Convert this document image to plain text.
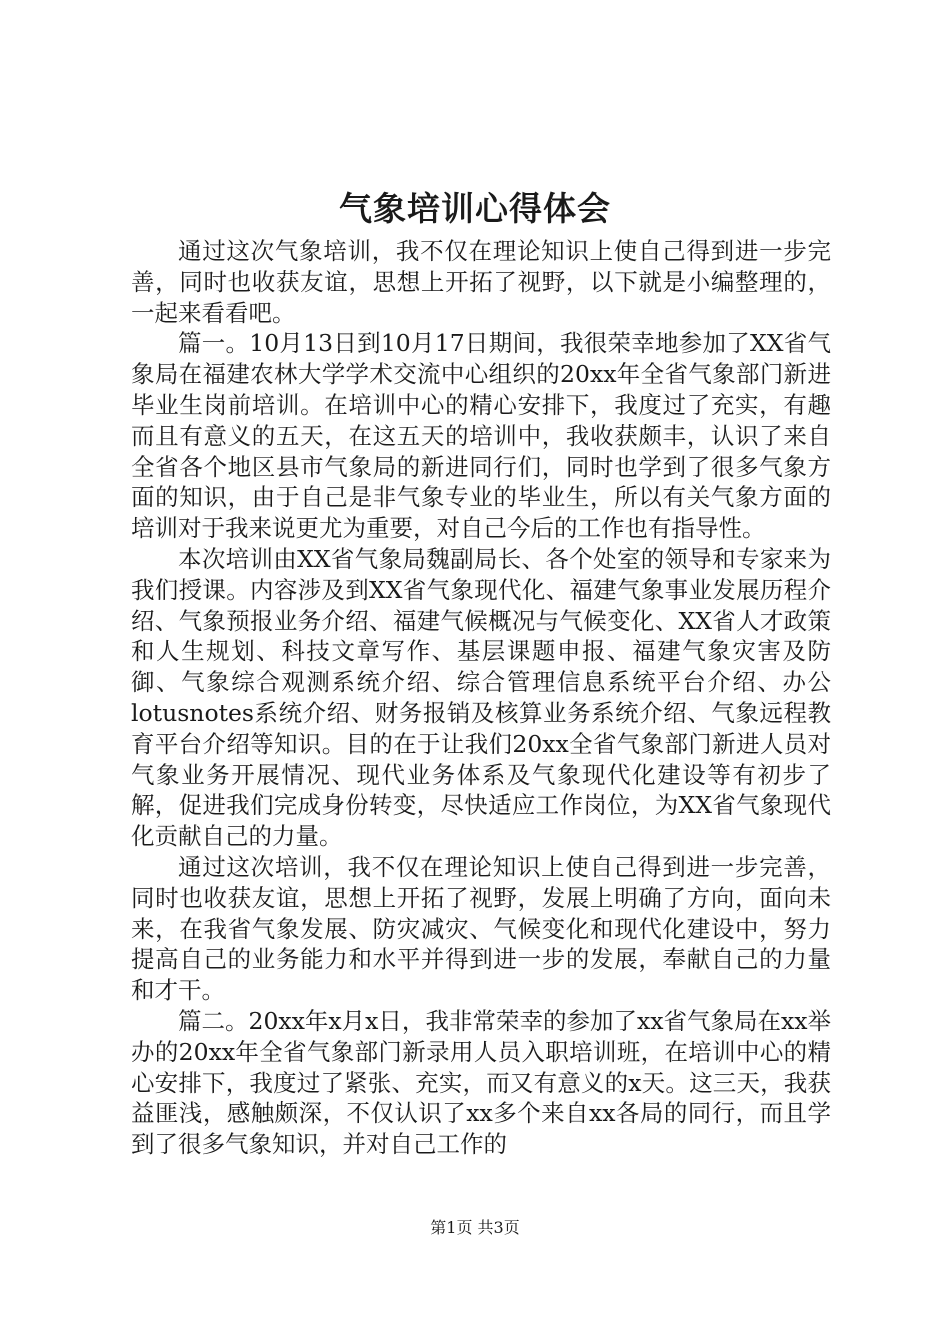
气象培训心得体会

通过这次气象培训，我不仅在理论知识上使自己得到进一步完善，同时也收获友谊，思想上开拓了视野，以下就是小编整理的，一起来看看吧。

篇一。10月13日到10月17日期间，我很荣幸地参加了XX省气象局在福建农林大学学术交流中心组织的20xx年全省气象部门新进毕业生岗前培训。在培训中心的精心安排下，我度过了充实，有趣而且有意义的五天，在这五天的培训中，我收获颇丰，认识了来自全省各个地区县市气象局的新进同行们，同时也学到了很多气象方面的知识，由于自己是非气象专业的毕业生，所以有关气象方面的培训对于我来说更尤为重要，对自己今后的工作也有指导性。

本次培训由XX省气象局魏副局长、各个处室的领导和专家来为我们授课。内容涉及到XX省气象现代化、福建气象事业发展历程介绍、气象预报业务介绍、福建气候概况与气候变化、XX省人才政策和人生规划、科技文章写作、基层课题申报、福建气象灾害及防御、气象综合观测系统介绍、综合管理信息系统平台介绍、办公lotusnotes系统介绍、财务报销及核算业务系统介绍、气象远程教育平台介绍等知识。目的在于让我们20xx全省气象部门新进人员对气象业务开展情况、现代业务体系及气象现代化建设等有初步了解，促进我们完成身份转变，尽快适应工作岗位，为XX省气象现代化贡献自己的力量。

通过这次培训，我不仅在理论知识上使自己得到进一步完善，同时也收获友谊，思想上开拓了视野，发展上明确了方向，面向未来，在我省气象发展、防灾减灾、气候变化和现代化建设中，努力提高自己的业务能力和水平并得到进一步的发展，奉献自己的力量和才干。

篇二。20xx年x月x日，我非常荣幸的参加了xx省气象局在xx举办的20xx年全省气象部门新录用人员入职培训班，在培训中心的精心安排下，我度过了紧张、充实，而又有意义的x天。这三天，我获益匪浅，感触颇深，不仅认识了xx多个来自xx各局的同行，而且学到了很多气象知识，并对自己工作的

第1页 共3页
